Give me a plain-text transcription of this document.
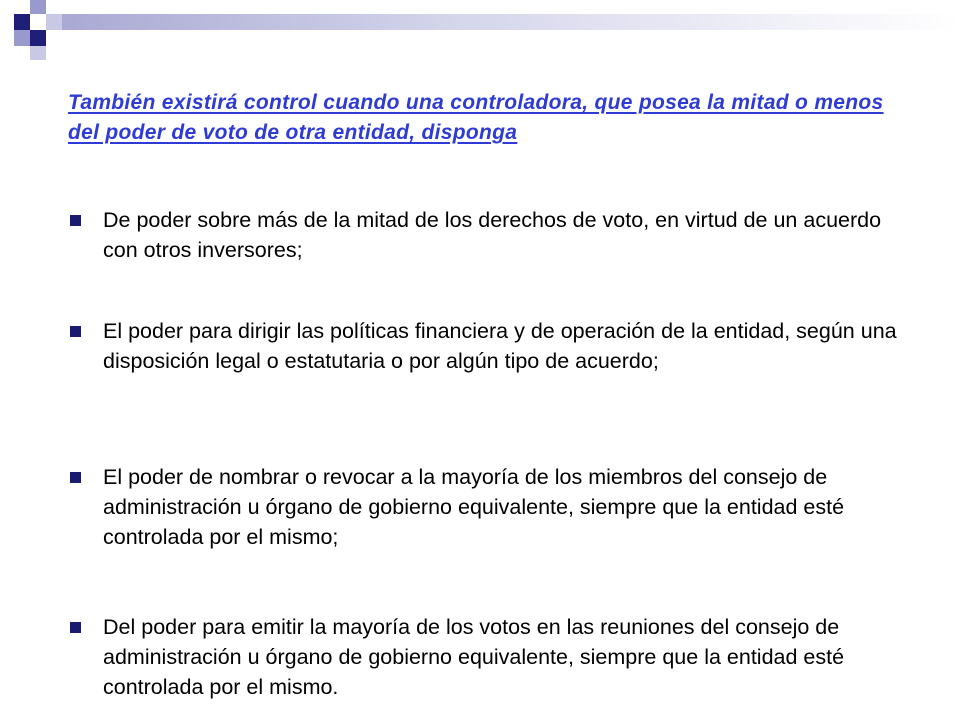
También existirá control cuando una controladora, que posea la mitad o menos del poder de voto de otra entidad, disponga
De poder sobre más de la mitad de los derechos de voto, en virtud de un acuerdo con otros inversores;
El poder para dirigir las políticas financiera y de operación de la entidad, según una disposición legal o estatutaria o por algún tipo de acuerdo;
El poder de nombrar o revocar a la mayoría de los miembros del consejo de administración u órgano de gobierno equivalente, siempre que la entidad esté controlada por el mismo;
Del poder para emitir la mayoría de los votos en las reuniones del consejo de administración u órgano de gobierno equivalente, siempre que la entidad esté controlada por el mismo.
